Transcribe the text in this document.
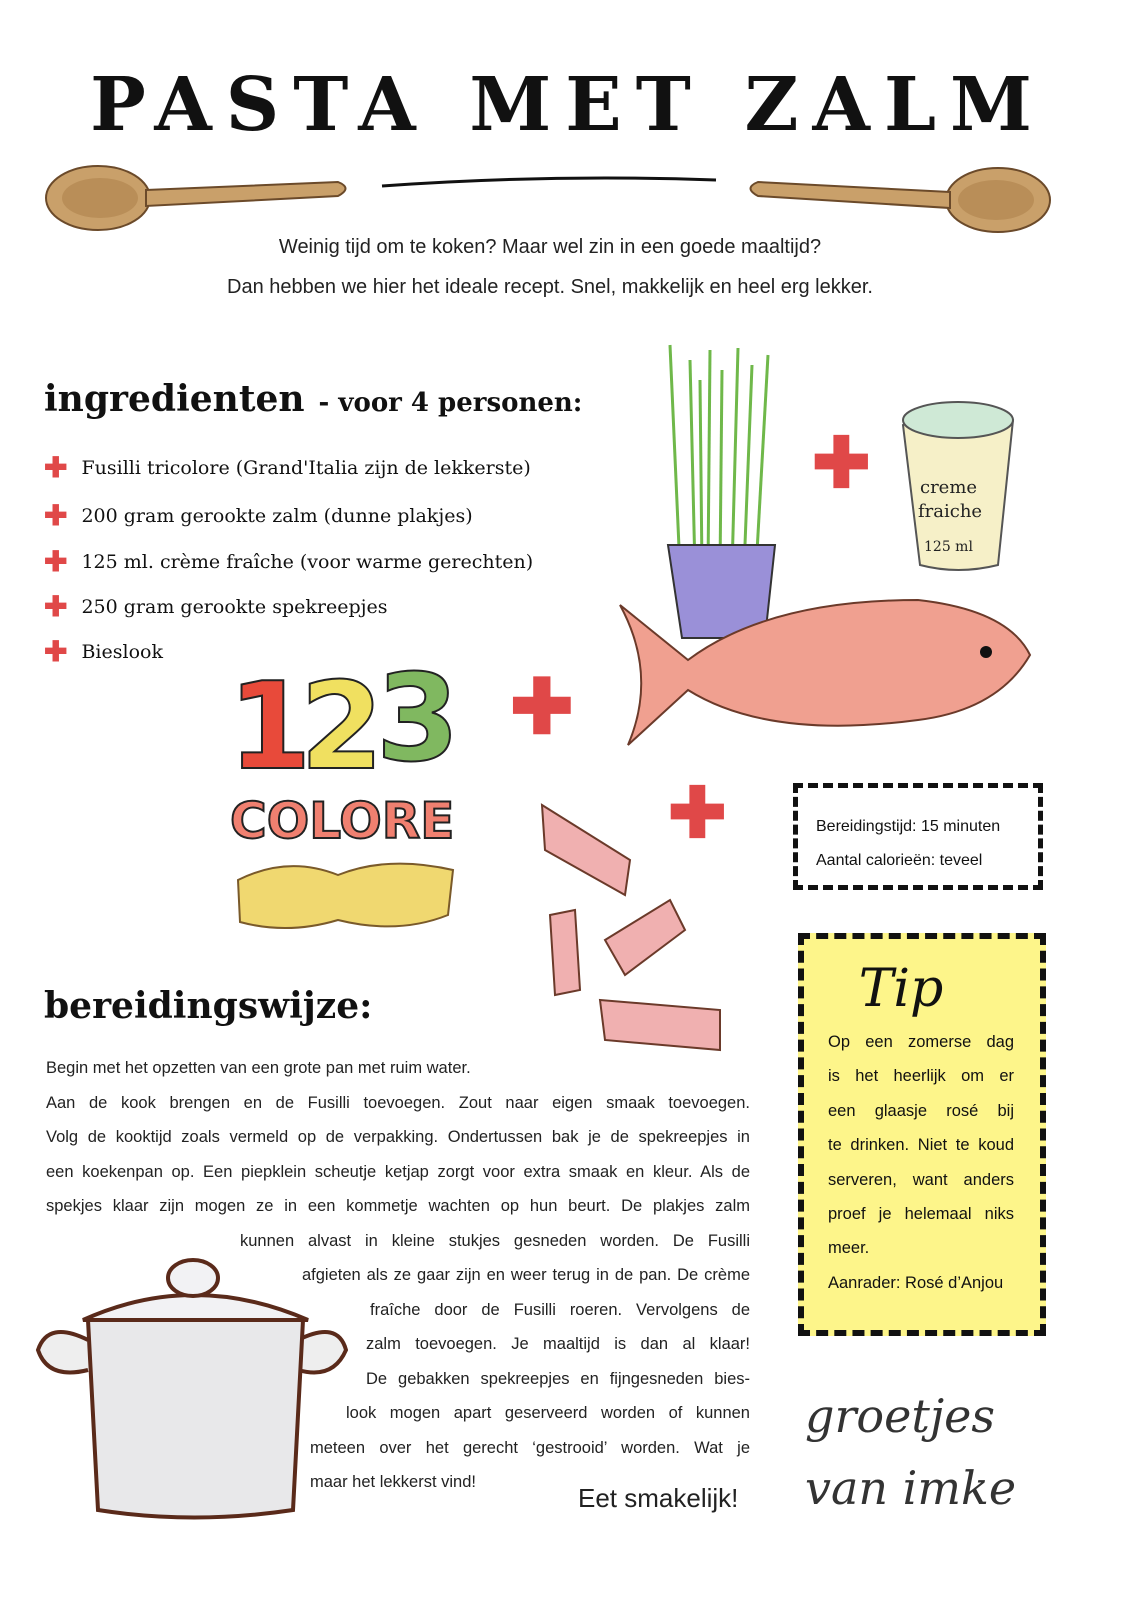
PASTA MET ZALM
Weinig tijd om te koken? Maar wel zin in een goede maaltijd?
Dan hebben we hier het ideale recept. Snel, makkelijk en heel erg lekker.
ingredienten - voor 4 personen:
✚ Fusilli tricolore (Grand'Italia zijn de lekkerste)
✚ 200 gram gerookte zalm (dunne plakjes)
✚ 125 ml. crème fraîche (voor warme gerechten)
✚ 250 gram gerookte spekreepjes
✚ Bieslook
✚	creme
fraiche
125 ml
1
2
3
COLORE
✚
✚	Bereidingstijd: 15 minuten
Aantal calorieën: teveel
Tip
Op een zomerse dag
is het heerlijk om er
een glaasje rosé bij
te drinken. Niet te koud
serveren, want anders
proef je helemaal niks
meer.
Aanrader: Rosé d’Anjou
bereidingswijze:
Begin met het opzetten van een grote pan met ruim water.
Aan de kook brengen en de Fusilli toevoegen. Zout naar eigen smaak toevoegen.
Volg de kooktijd zoals vermeld op de verpakking. Ondertussen bak je de spekreepjes in
een koekenpan op. Een piepklein scheutje ketjap zorgt voor extra smaak en kleur. Als de
spekjes klaar zijn mogen ze in een kommetje wachten op hun beurt. De plakjes zalm
kunnen alvast in kleine stukjes gesneden worden. De Fusilli
afgieten als ze gaar zijn en weer terug in de pan. De crème
fraîche door de Fusilli roeren. Vervolgens de
zalm toevoegen. Je maaltijd is dan al klaar!
De gebakken spekreepjes en fijngesneden bies-
look mogen apart geserveerd worden of kunnen
meteen over het gerecht ‘gestrooid’ worden. Wat je
maar het lekkerst vind!
Eet smakelijk!
groetjes
van imke
